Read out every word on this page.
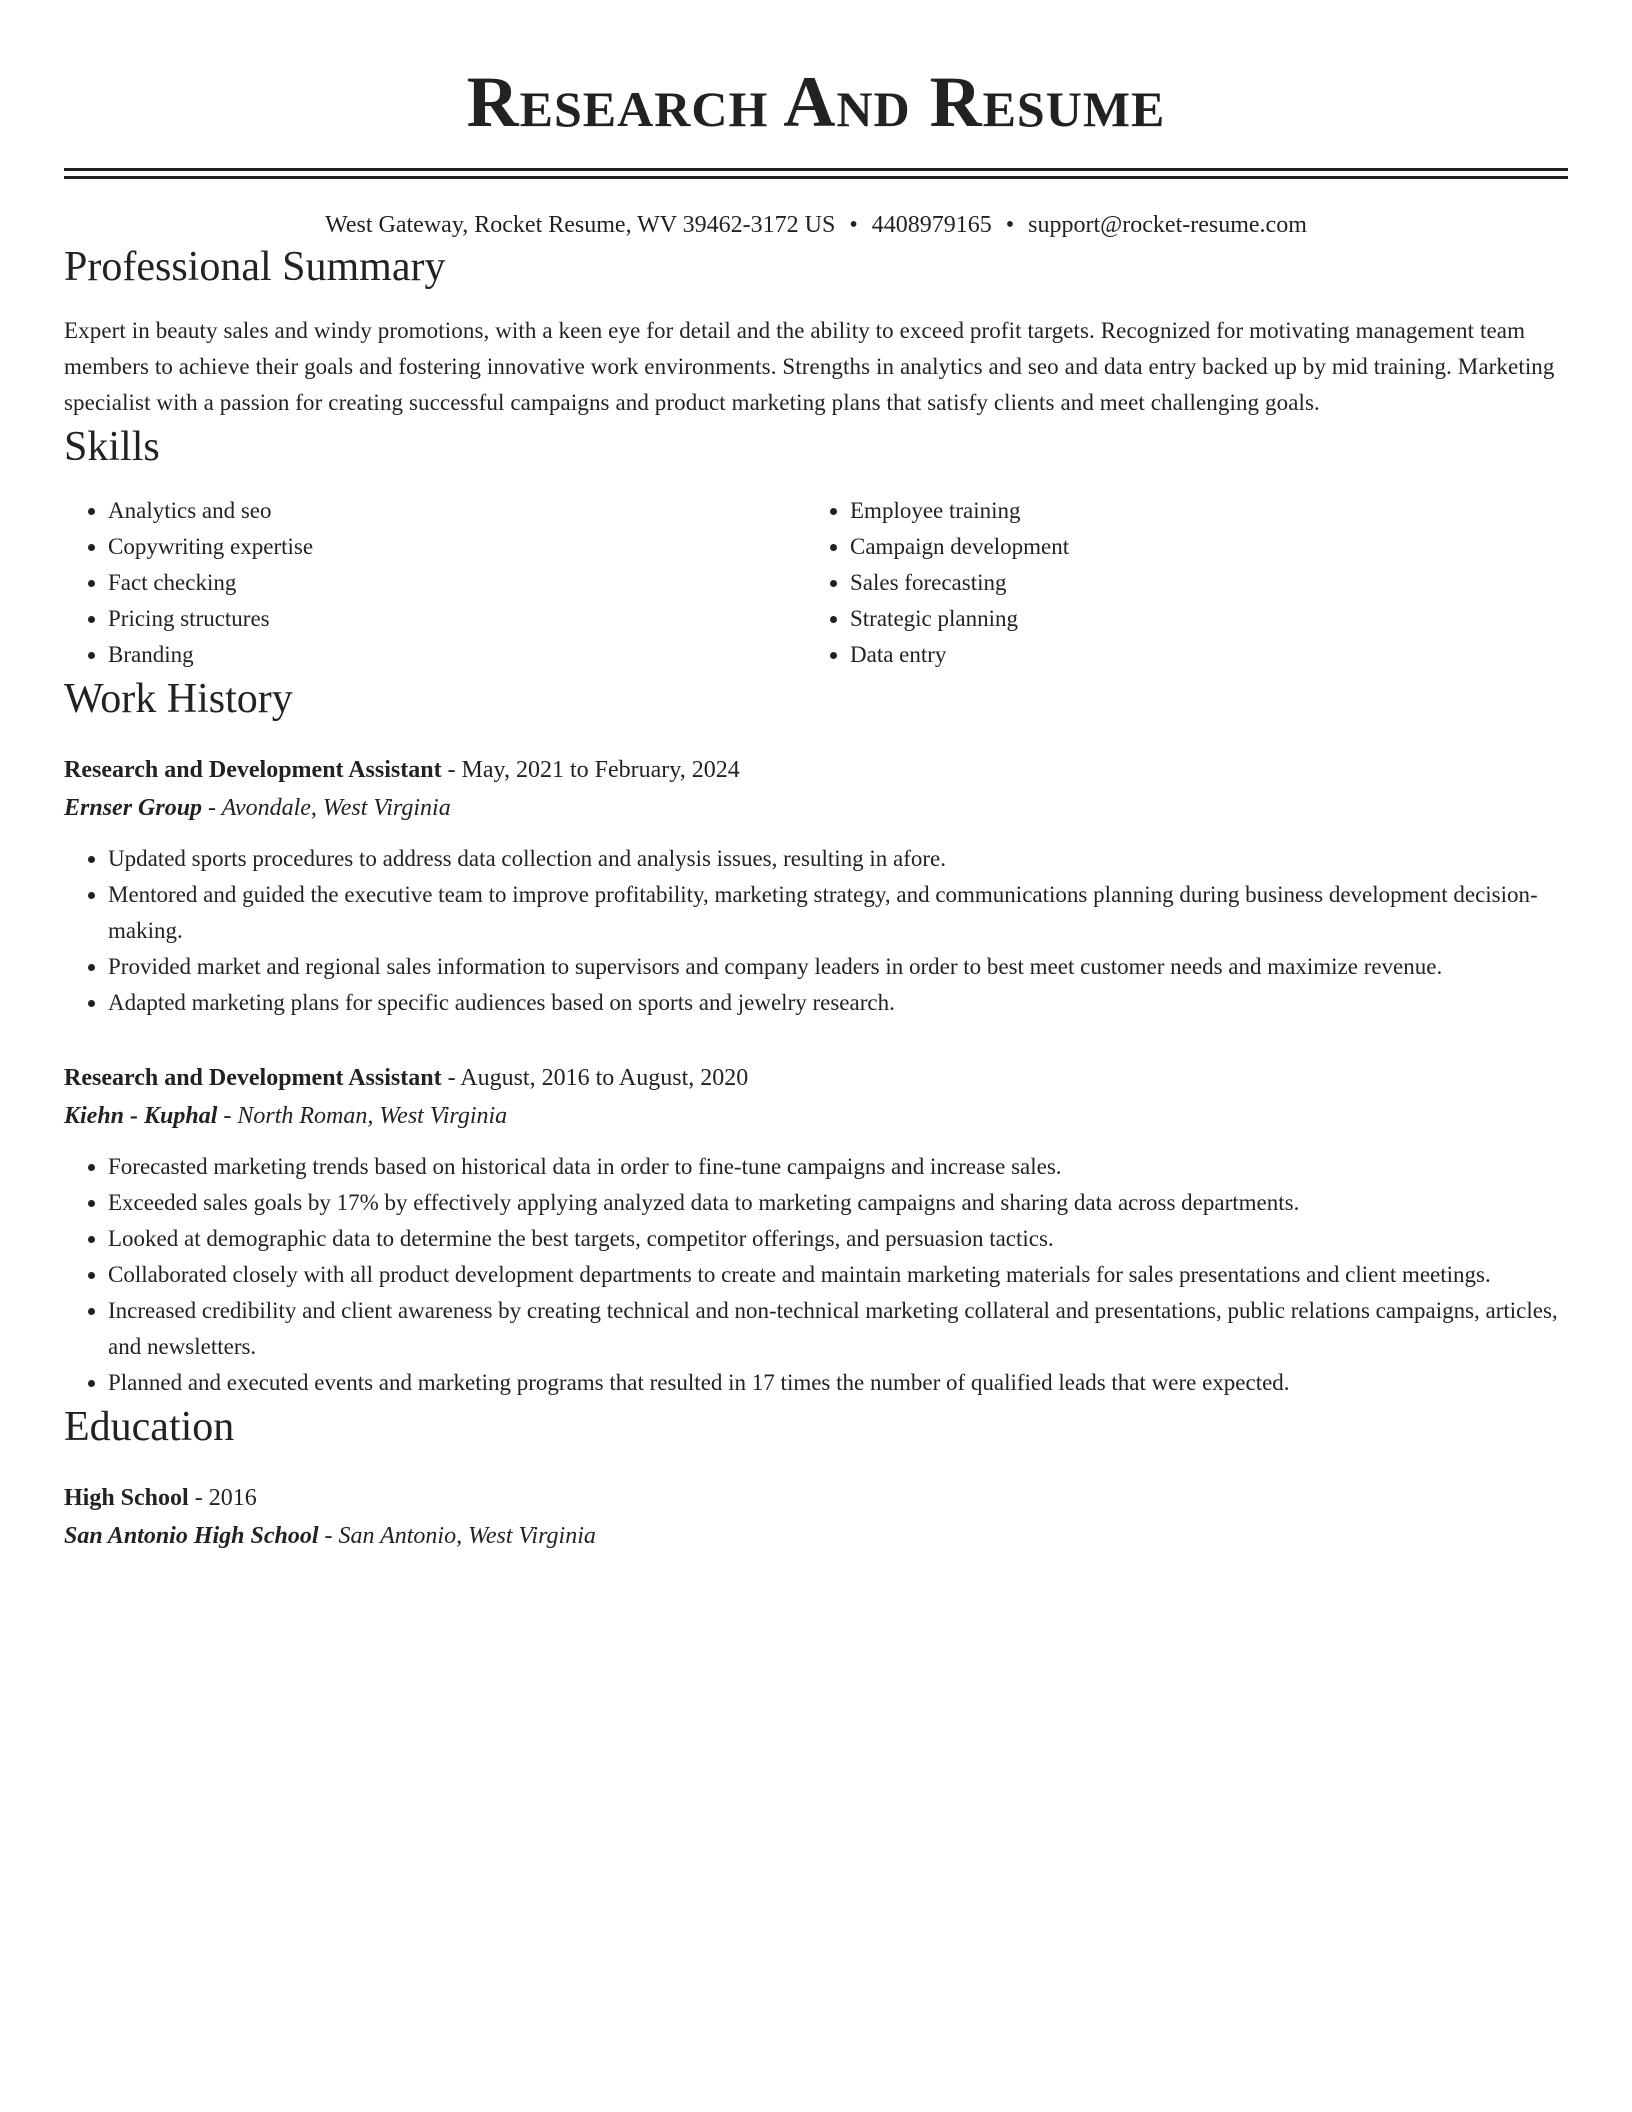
Research And Resume
West Gateway, Rocket Resume, WV 39462-3172 US • 4408979165 • support@rocket-resume.com
Professional Summary
Expert in beauty sales and windy promotions, with a keen eye for detail and the ability to exceed profit targets. Recognized for motivating management team members to achieve their goals and fostering innovative work environments. Strengths in analytics and seo and data entry backed up by mid training. Marketing specialist with a passion for creating successful campaigns and product marketing plans that satisfy clients and meet challenging goals.
Skills
• Analytics and seo
• Copywriting expertise
• Fact checking
• Pricing structures
• Branding
• Employee training
• Campaign development
• Sales forecasting
• Strategic planning
• Data entry
Work History
Research and Development Assistant - May, 2021 to February, 2024
Ernser Group - Avondale, West Virginia
• Updated sports procedures to address data collection and analysis issues, resulting in afore.
• Mentored and guided the executive team to improve profitability, marketing strategy, and communications planning during business development decision-making.
• Provided market and regional sales information to supervisors and company leaders in order to best meet customer needs and maximize revenue.
• Adapted marketing plans for specific audiences based on sports and jewelry research.
Research and Development Assistant - August, 2016 to August, 2020
Kiehn - Kuphal - North Roman, West Virginia
• Forecasted marketing trends based on historical data in order to fine-tune campaigns and increase sales.
• Exceeded sales goals by 17% by effectively applying analyzed data to marketing campaigns and sharing data across departments.
• Looked at demographic data to determine the best targets, competitor offerings, and persuasion tactics.
• Collaborated closely with all product development departments to create and maintain marketing materials for sales presentations and client meetings.
• Increased credibility and client awareness by creating technical and non-technical marketing collateral and presentations, public relations campaigns, articles, and newsletters.
• Planned and executed events and marketing programs that resulted in 17 times the number of qualified leads that were expected.
Education
High School - 2016
San Antonio High School - San Antonio, West Virginia
